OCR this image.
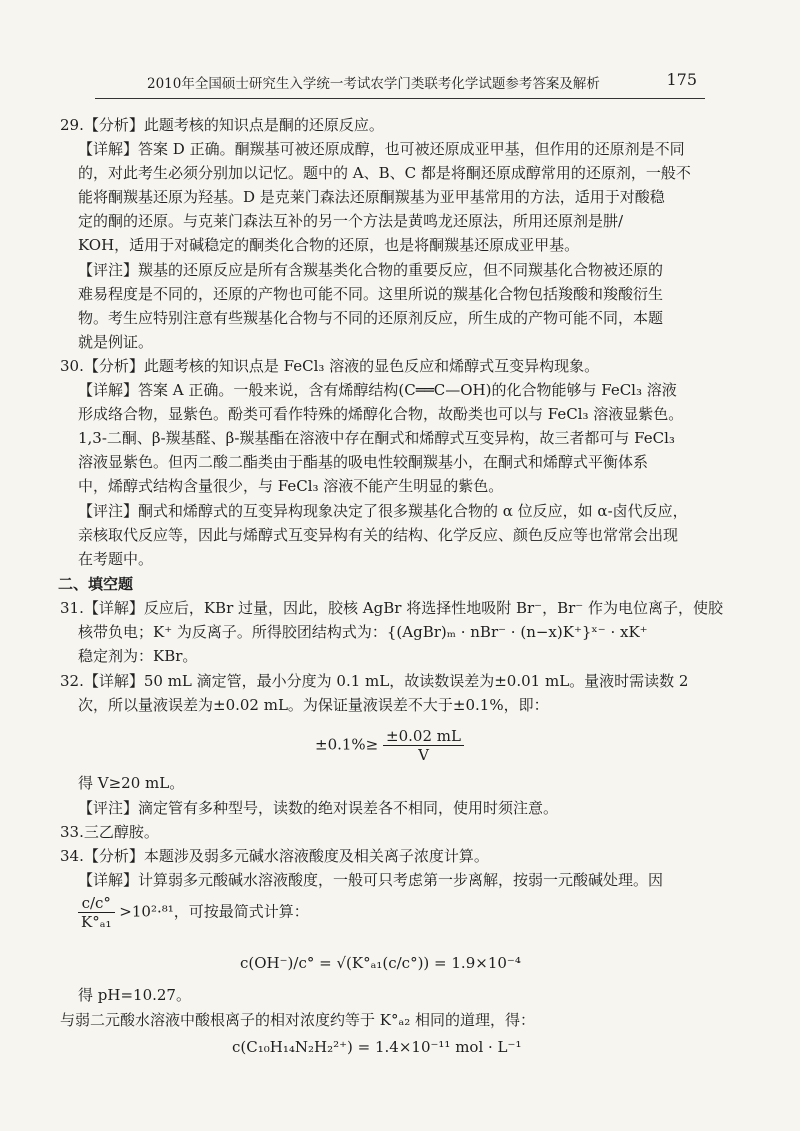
2010年全国硕士研究生入学统一考试农学门类联考化学试题参考答案及解析	175
29.【分析】此题考核的知识点是酮的还原反应。
【详解】答案 D 正确。酮羰基可被还原成醇，也可被还原成亚甲基，但作用的还原剂是不同
的，对此考生必须分别加以记忆。题中的 A、B、C 都是将酮还原成醇常用的还原剂，一般不
能将酮羰基还原为羟基。D 是克莱门森法还原酮羰基为亚甲基常用的方法，适用于对酸稳
定的酮的还原。与克莱门森法互补的另一个方法是黄鸣龙还原法，所用还原剂是肼/
KOH，适用于对碱稳定的酮类化合物的还原，也是将酮羰基还原成亚甲基。
【评注】羰基的还原反应是所有含羰基类化合物的重要反应，但不同羰基化合物被还原的
难易程度是不同的，还原的产物也可能不同。这里所说的羰基化合物包括羧酸和羧酸衍生
物。考生应特别注意有些羰基化合物与不同的还原剂反应，所生成的产物可能不同，本题
就是例证。
30.【分析】此题考核的知识点是 FeCl₃ 溶液的显色反应和烯醇式互变异构现象。
【详解】答案 A 正确。一般来说，含有烯醇结构(C══C—OH)的化合物能够与 FeCl₃ 溶液
形成络合物，显紫色。酚类可看作特殊的烯醇化合物，故酚类也可以与 FeCl₃ 溶液显紫色。
1,3-二酮、β-羰基醛、β-羰基酯在溶液中存在酮式和烯醇式互变异构，故三者都可与 FeCl₃
溶液显紫色。但丙二酸二酯类由于酯基的吸电性较酮羰基小，在酮式和烯醇式平衡体系
中，烯醇式结构含量很少，与 FeCl₃ 溶液不能产生明显的紫色。
【评注】酮式和烯醇式的互变异构现象决定了很多羰基化合物的 α 位反应，如 α-卤代反应，
亲核取代反应等，因此与烯醇式互变异构有关的结构、化学反应、颜色反应等也常常会出现
在考题中。
二、填空题
31.【详解】反应后，KBr 过量，因此，胶核 AgBr 将选择性地吸附 Br⁻，Br⁻ 作为电位离子，使胶
核带负电；K⁺ 为反离子。所得胶团结构式为：{(AgBr)ₘ · nBr⁻ · (n−x)K⁺}ˣ⁻ · xK⁺
稳定剂为：KBr。
32.【详解】50 mL 滴定管，最小分度为 0.1 mL，故读数误差为±0.01 mL。量液时需读数 2
次，所以量液误差为±0.02 mL。为保证量液误差不大于±0.1%，即：
得 V≥20 mL。
【评注】滴定管有多种型号，读数的绝对误差各不相同，使用时须注意。
33.三乙醇胺。
34.【分析】本题涉及弱多元碱水溶液酸度及相关离子浓度计算。
【详解】计算弱多元酸碱水溶液酸度，一般可只考虑第一步离解，按弱一元酸碱处理。因
得 pH=10.27。
与弱二元酸水溶液中酸根离子的相对浓度约等于 K°ₐ₂ 相同的道理，得：
$\pm 0.1\%\ge \frac{\pm 0.02 mL}{V}$
$\frac{c/c^\circ}{\text{K°ₐ₁}} >10^2\cdot^{81}$，可按最简式计算：
c(OH⁻)/c° = √(K°ₐ₁(c/c°)) = 1.9×10⁻⁴
c(C₁₀H₁₄N₂H₂²⁺) = 1.4×10⁻¹¹ mol · L⁻¹
